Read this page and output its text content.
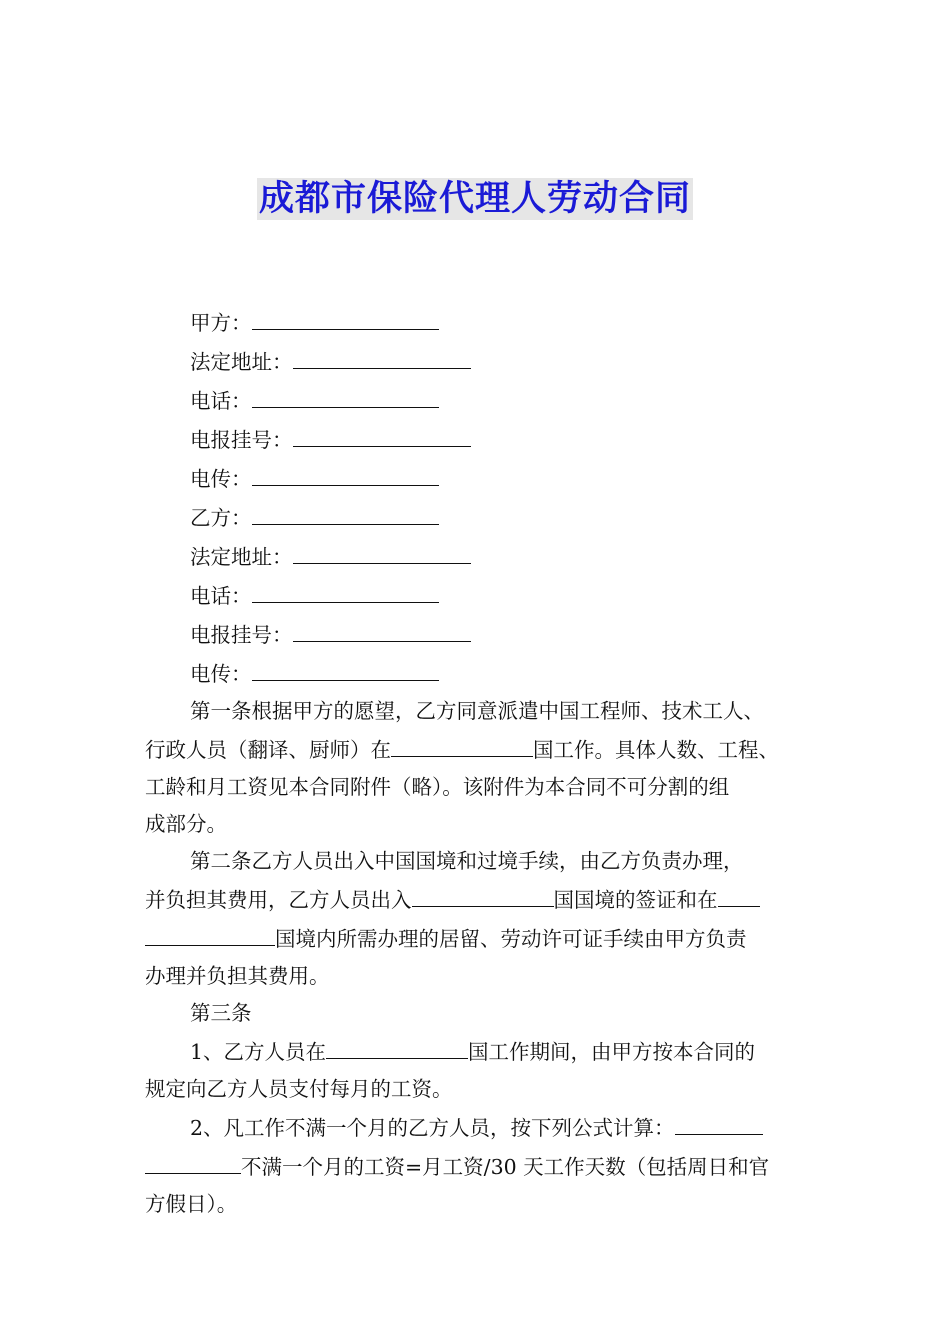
成都市保险代理人劳动合同
甲方：
法定地址：
电话：
电报挂号：
电传：
乙方：
法定地址：
电话：
电报挂号：
电传：
第一条根据甲方的愿望，乙方同意派遣中国工程师、技术工人、
行政人员（翻译、厨师）在	国工作。具体人数、工程、
工龄和月工资见本合同附件（略）。该附件为本合同不可分割的组
成部分。
第二条乙方人员出入中国国境和过境手续，由乙方负责办理，
并负担其费用，乙方人员出入	国国境的签证和在
国境内所需办理的居留、劳动许可证手续由甲方负责
办理并负担其费用。
第三条
1、乙方人员在	国工作期间，由甲方按本合同的
规定向乙方人员支付每月的工资。
2、凡工作不满一个月的乙方人员，按下列公式计算：
不满一个月的工资=月工资/30 天工作天数（包括周日和官
方假日）。
